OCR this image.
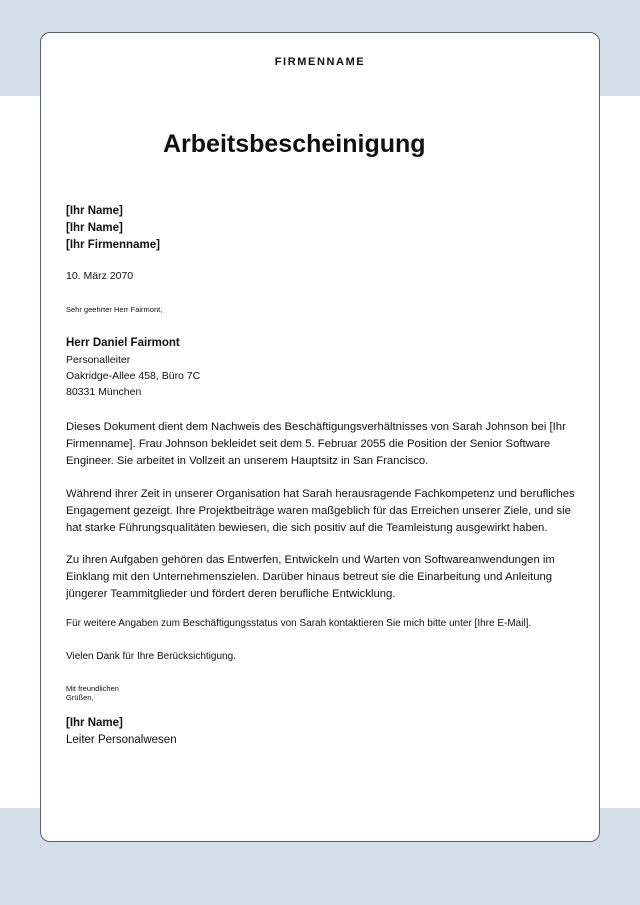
FIRMENNAME
Arbeitsbescheinigung
[Ihr Name]
[Ihr Name]
[Ihr Firmenname]
10. März 2070
Sehr geehrter Herr Fairmont,
Herr Daniel Fairmont
Personalleiter
Oakridge-Allee 458, Büro 7C
80331 München
Dieses Dokument dient dem Nachweis des Beschäftigungsverhältnisses von Sarah Johnson bei [Ihr Firmenname]. Frau Johnson bekleidet seit dem 5. Februar 2055 die Position der Senior Software Engineer. Sie arbeitet in Vollzeit an unserem Hauptsitz in San Francisco.
Während ihrer Zeit in unserer Organisation hat Sarah herausragende Fachkompetenz und berufliches Engagement gezeigt. Ihre Projektbeiträge waren maßgeblich für das Erreichen unserer Ziele, und sie hat starke Führungsqualitäten bewiesen, die sich positiv auf die Teamleistung ausgewirkt haben.
Zu ihren Aufgaben gehören das Entwerfen, Entwickeln und Warten von Softwareanwendungen im Einklang mit den Unternehmenszielen. Darüber hinaus betreut sie die Einarbeitung und Anleitung jüngerer Teammitglieder und fördert deren berufliche Entwicklung.
Für weitere Angaben zum Beschäftigungsstatus von Sarah kontaktieren Sie mich bitte unter [Ihre E-Mail].
Vielen Dank für Ihre Berücksichtigung.
Mit freundlichen
Grüßen,
[Ihr Name]
Leiter Personalwesen
